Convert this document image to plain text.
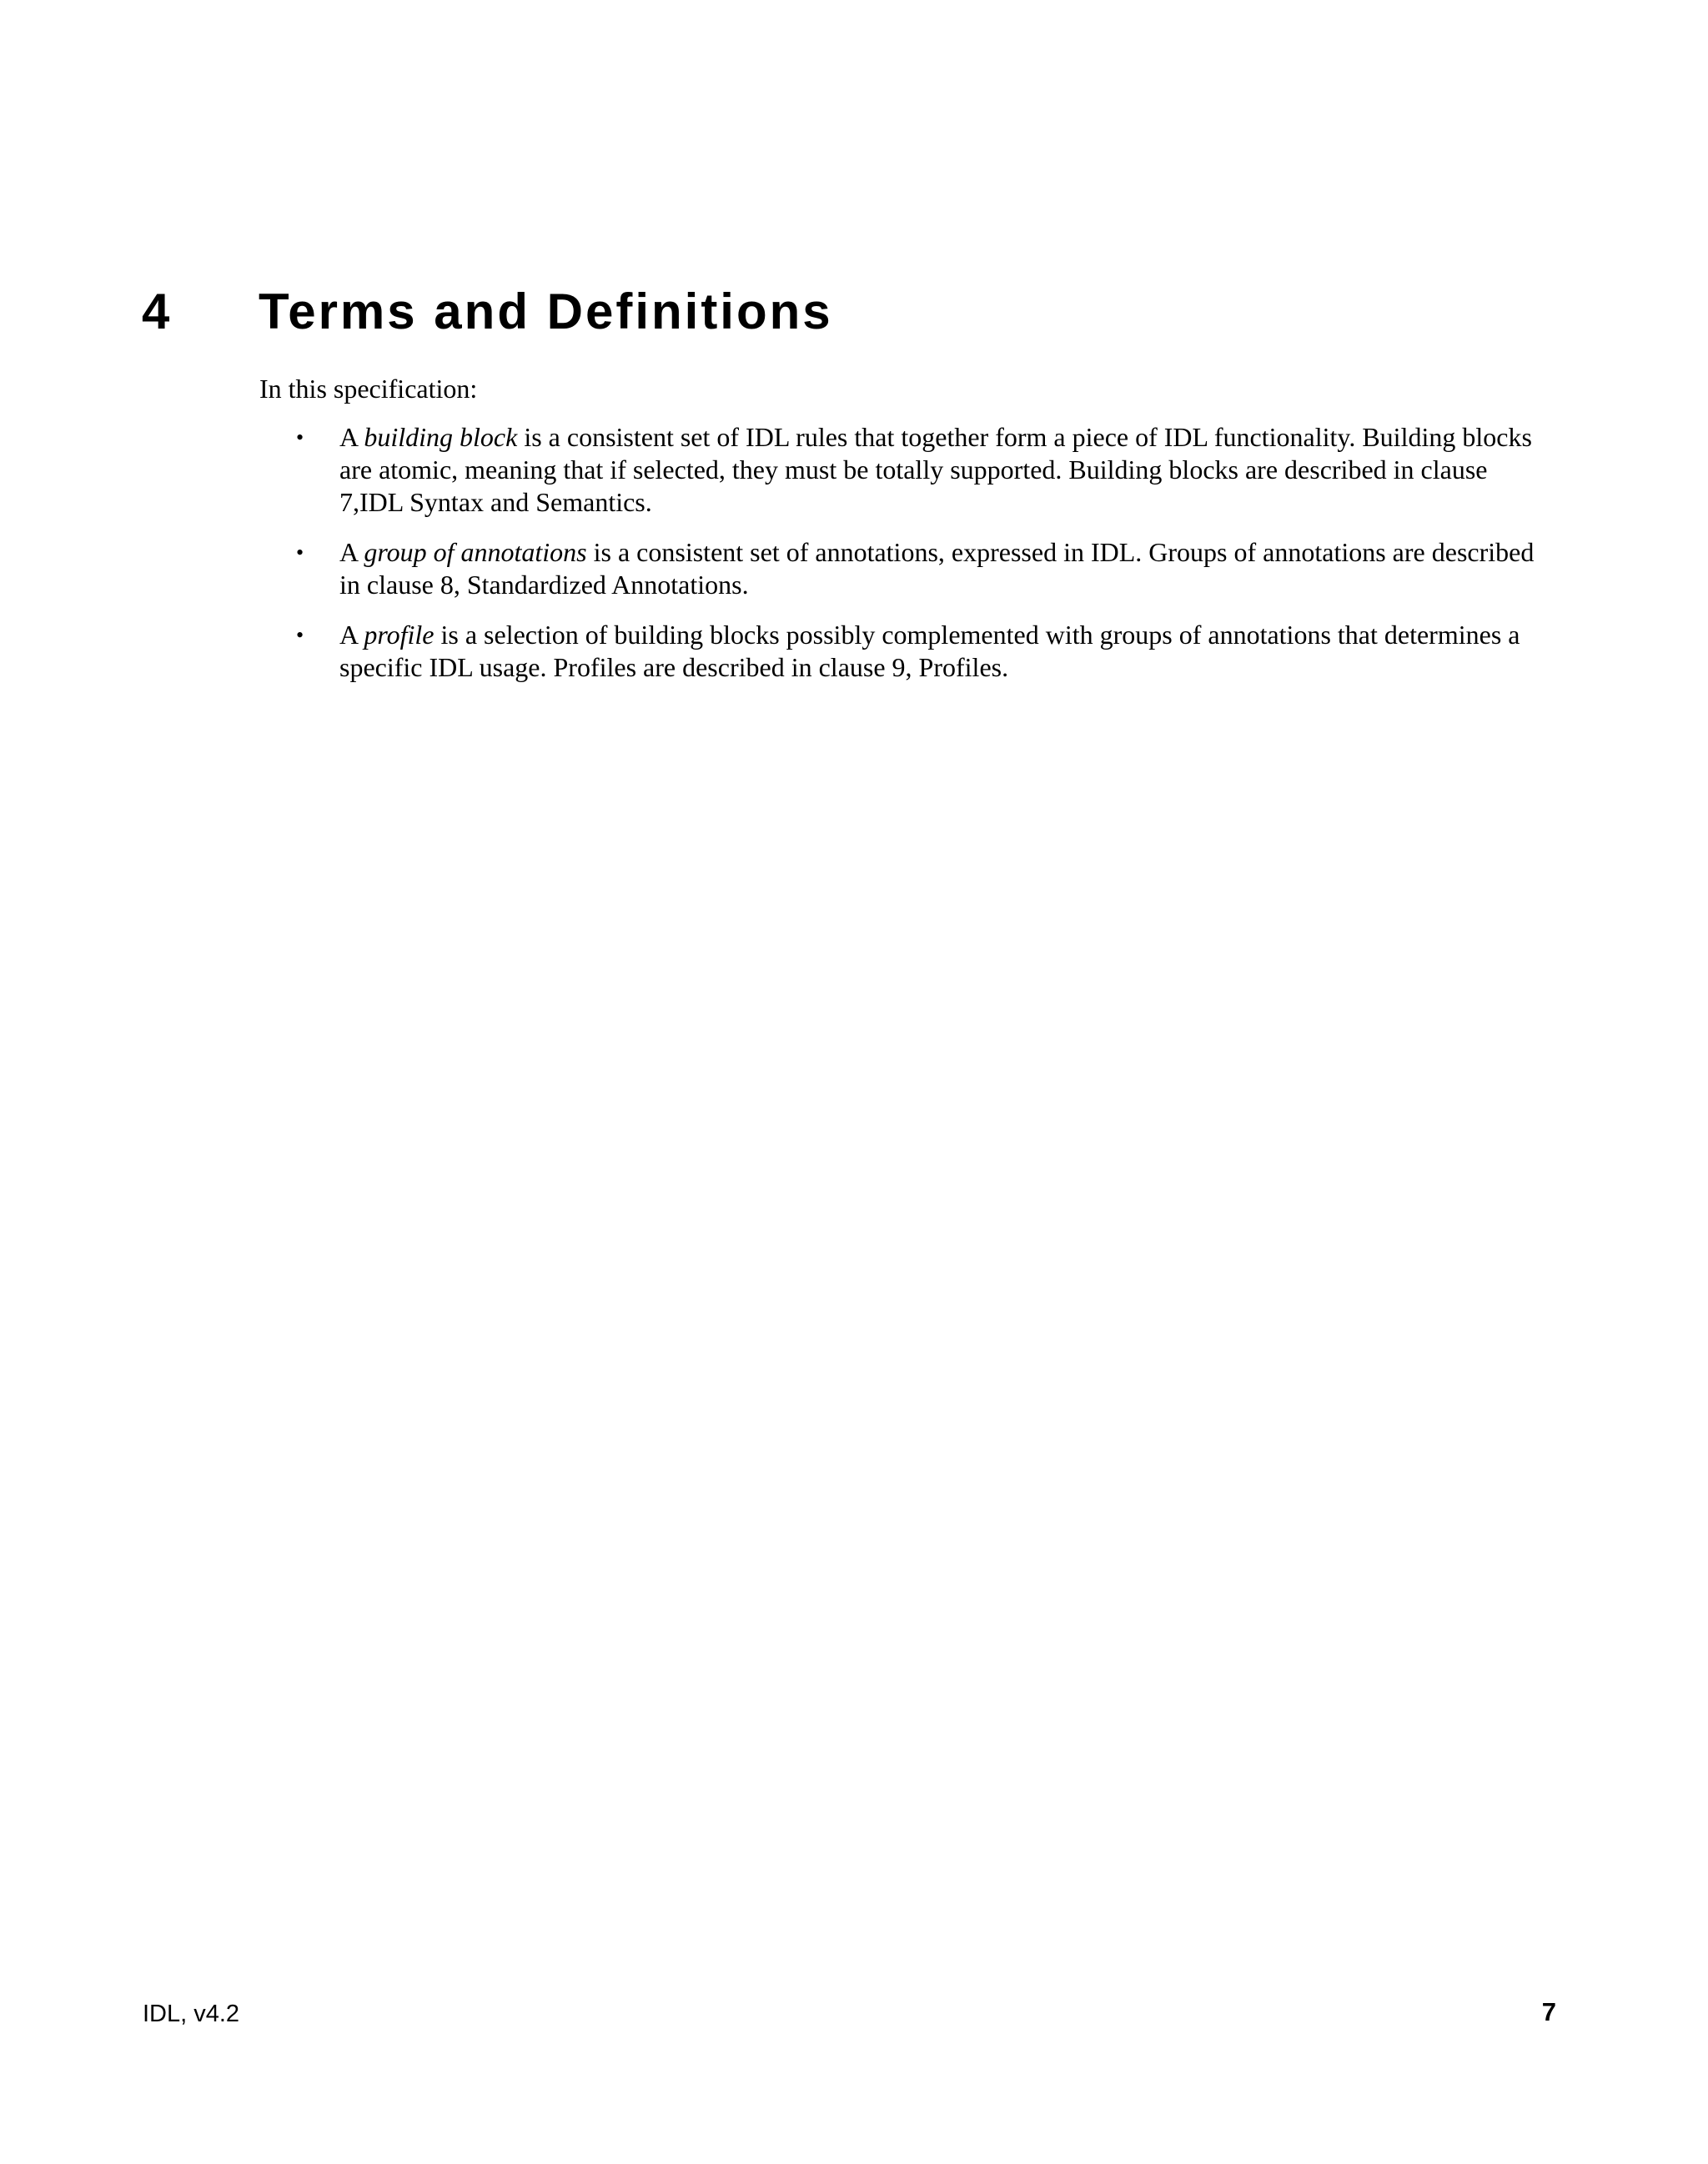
4 Terms and Definitions

In this specification:

• A building block is a consistent set of IDL rules that together form a piece of IDL functionality. Building blocks
are atomic, meaning that if selected, they must be totally supported. Building blocks are described in clause
7,IDL Syntax and Semantics.
• A group of annotations is a consistent set of annotations, expressed in IDL. Groups of annotations are described
in clause 8, Standardized Annotations.
• A profile is a selection of building blocks possibly complemented with groups of annotations that determines a
specific IDL usage. Profiles are described in clause 9, Profiles.
IDL, v4.2	7
